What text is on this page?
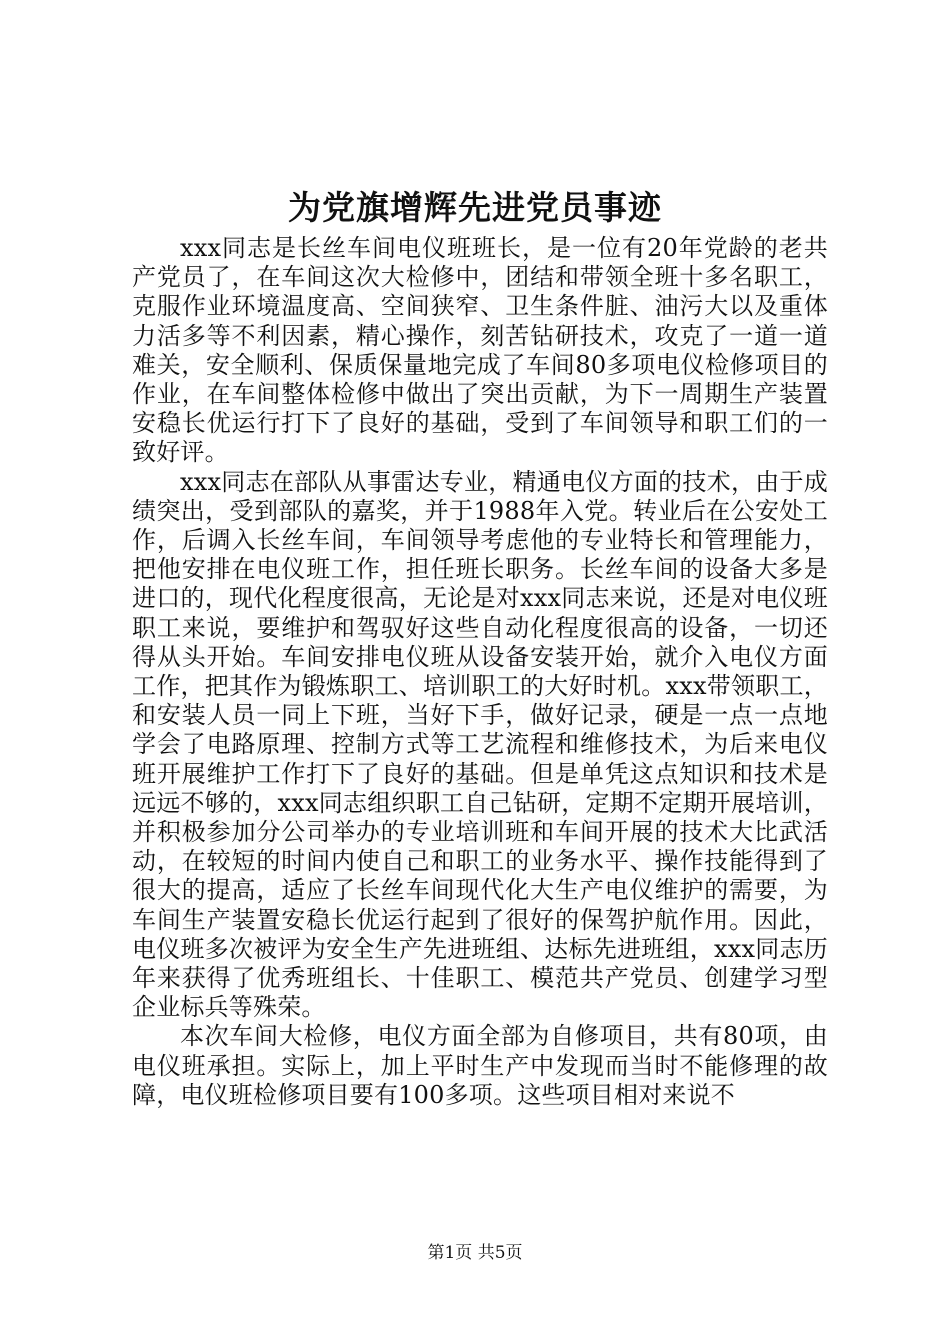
为党旗增辉先进党员事迹

xxx同志是长丝车间电仪班班长，是一位有20年党龄的老共产党员了，在车间这次大检修中，团结和带领全班十多名职工，克服作业环境温度高、空间狭窄、卫生条件脏、油污大以及重体力活多等不利因素，精心操作，刻苦钻研技术，攻克了一道一道难关，安全顺利、保质保量地完成了车间80多项电仪检修项目的作业，在车间整体检修中做出了突出贡献，为下一周期生产装置安稳长优运行打下了良好的基础，受到了车间领导和职工们的一致好评。

xxx同志在部队从事雷达专业，精通电仪方面的技术，由于成绩突出，受到部队的嘉奖，并于1988年入党。转业后在公安处工作，后调入长丝车间，车间领导考虑他的专业特长和管理能力，把他安排在电仪班工作，担任班长职务。长丝车间的设备大多是进口的，现代化程度很高，无论是对xxx同志来说，还是对电仪班职工来说，要维护和驾驭好这些自动化程度很高的设备，一切还得从头开始。车间安排电仪班从设备安装开始，就介入电仪方面工作，把其作为锻炼职工、培训职工的大好时机。xxx带领职工，和安装人员一同上下班，当好下手，做好记录，硬是一点一点地学会了电路原理、控制方式等工艺流程和维修技术，为后来电仪班开展维护工作打下了良好的基础。但是单凭这点知识和技术是远远不够的，xxx同志组织职工自己钻研，定期不定期开展培训，并积极参加分公司举办的专业培训班和车间开展的技术大比武活动，在较短的时间内使自己和职工的业务水平、操作技能得到了很大的提高，适应了长丝车间现代化大生产电仪维护的需要，为车间生产装置安稳长优运行起到了很好的保驾护航作用。因此，电仪班多次被评为安全生产先进班组、达标先进班组，xxx同志历年来获得了优秀班组长、十佳职工、模范共产党员、创建学习型企业标兵等殊荣。

本次车间大检修，电仪方面全部为自修项目，共有80项，由电仪班承担。实际上，加上平时生产中发现而当时不能修理的故障，电仪班检修项目要有100多项。这些项目相对来说不

第1页 共5页
